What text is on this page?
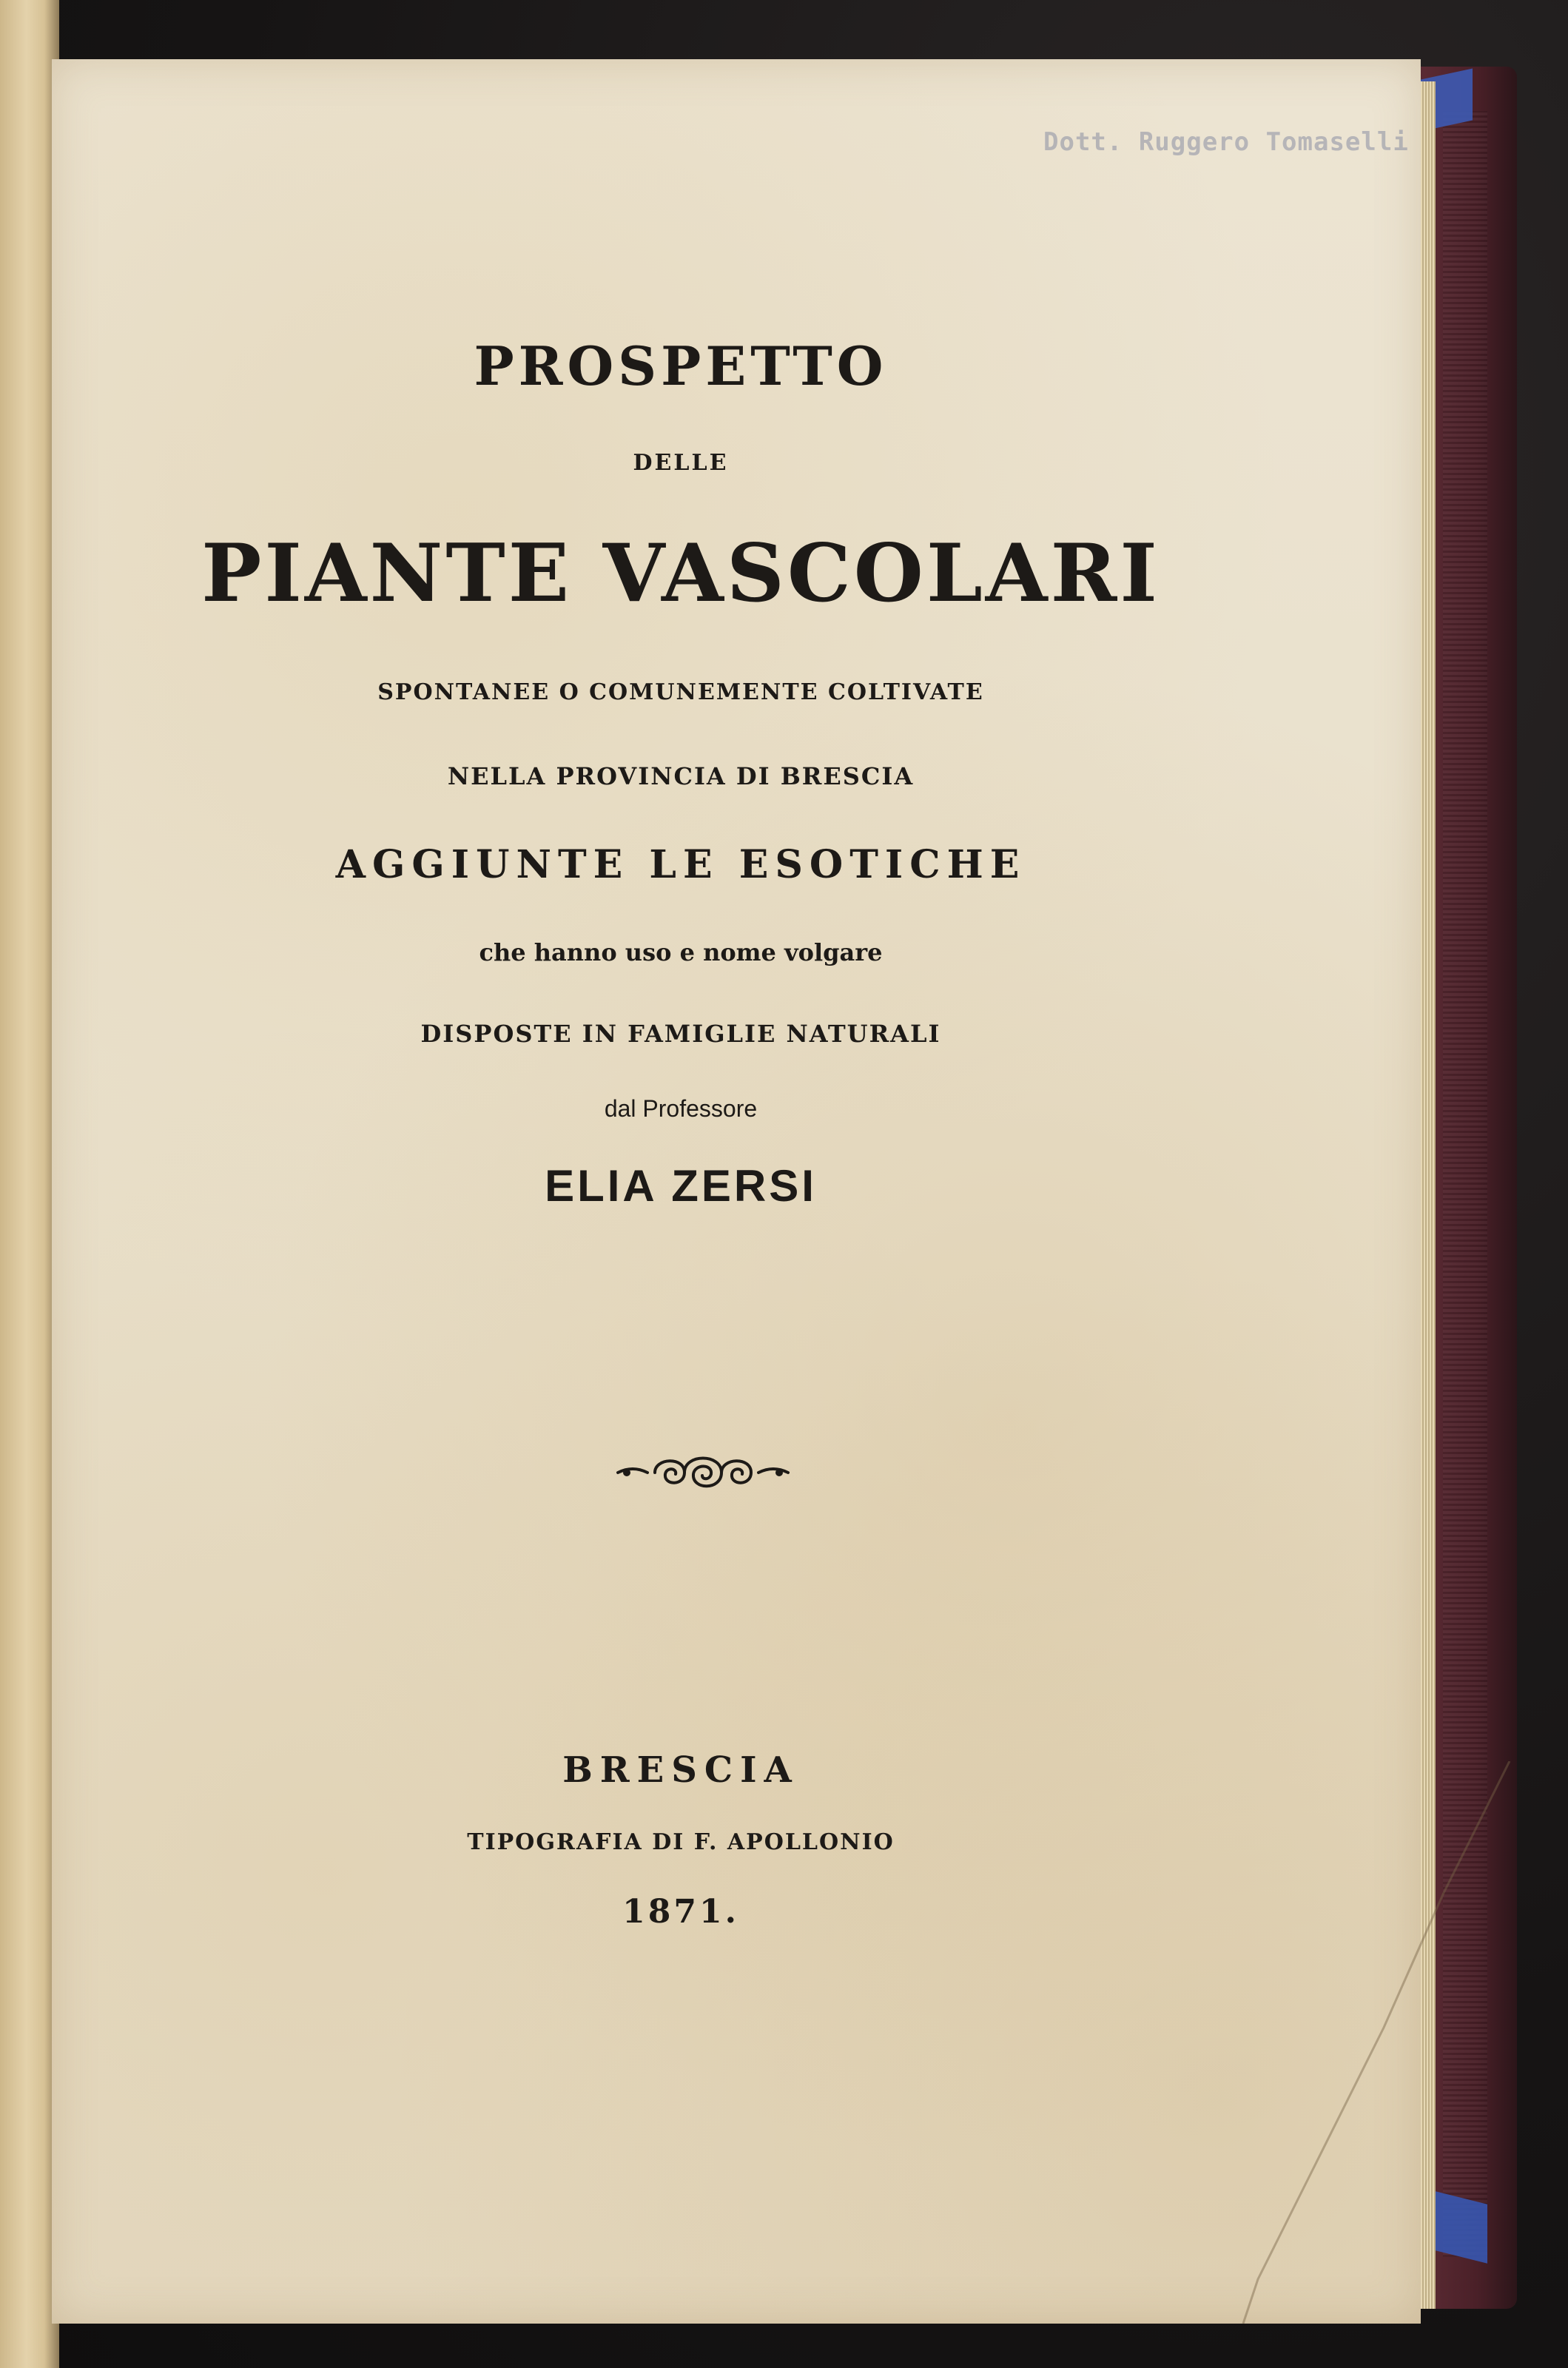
Dott. Ruggero Tomaselli
PROSPETTO
DELLE
PIANTE VASCOLARI
SPONTANEE O COMUNEMENTE COLTIVATE
NELLA PROVINCIA DI BRESCIA
AGGIUNTE LE ESOTICHE
che hanno uso e nome volgare
DISPOSTE IN FAMIGLIE NATURALI
dal Professore
ELIA ZERSI
BRESCIA
TIPOGRAFIA DI F. APOLLONIO
1871.
